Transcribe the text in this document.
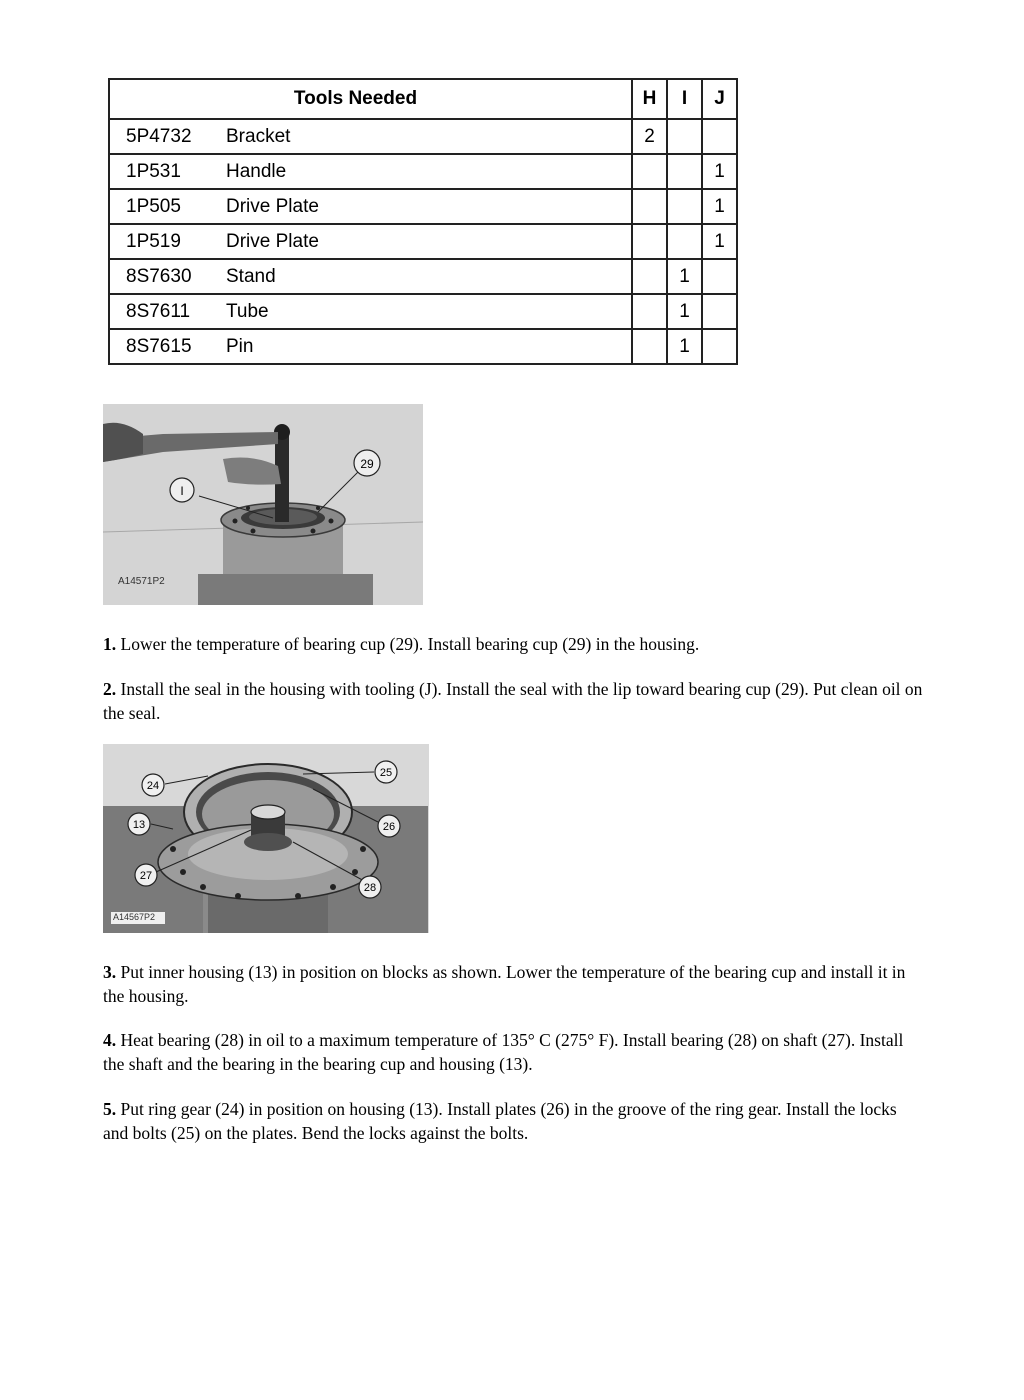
Tools Needed		H	I	J
5P4732	Bracket	2		
1P531	Handle			1
1P505	Drive Plate			1
1P519	Drive Plate			1
8S7630	Stand		1	
8S7611	Tube		1	
8S7615	Pin		1	
I
29
A14571P2

1. Lower the temperature of bearing cup (29). Install bearing cup (29) in the housing.

2. Install the seal in the housing with tooling (J). Install the seal with the lip toward bearing cup (29). Put clean oil on the seal.

24
25
13	26
27
28
A14567P2

3. Put inner housing (13) in position on blocks as shown. Lower the temperature of the bearing cup and install it in the housing.

4. Heat bearing (28) in oil to a maximum temperature of 135° C (275° F). Install bearing (28) on shaft (27). Install the shaft and the bearing in the bearing cup and housing (13).

5. Put ring gear (24) in position on housing (13). Install plates (26) in the groove of the ring gear. Install the locks and bolts (25) on the plates. Bend the locks against the bolts.
